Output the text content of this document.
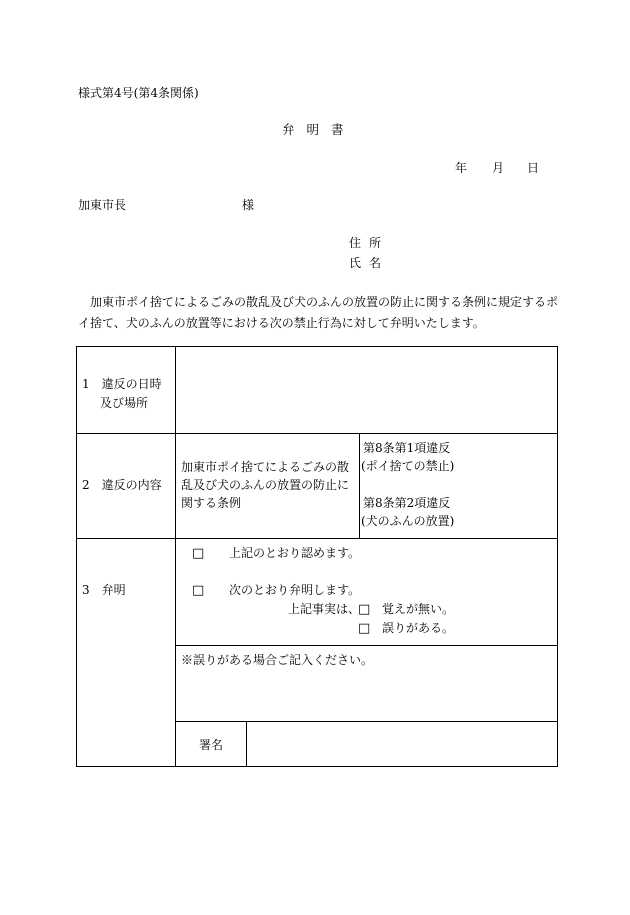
様式第4号(第4条関係)
弁明書
年 月 日
加東市長	様
住所
氏名
加東市ポイ捨てによるごみの散乱及び犬のふんの放置の防止に関する条例に規定するポイ捨て、犬のふんの放置等における次の禁止行為に対して弁明いたします。
1　違反の日時
及び場所
2　違反の内容
加東市ポイ捨てによるごみの散
乱及び犬のふんの放置の防止に
関する条例
第8条第1項違反
(ポイ捨ての禁止)
第8条第2項違反
(犬のふんの放置)
3　弁明
□ 上記のとおり認めます。
□ 次のとおり弁明します。
上記事実は、
□ 覚えが無い。
□ 誤りがある。
※誤りがある場合ご記入ください。
署名
